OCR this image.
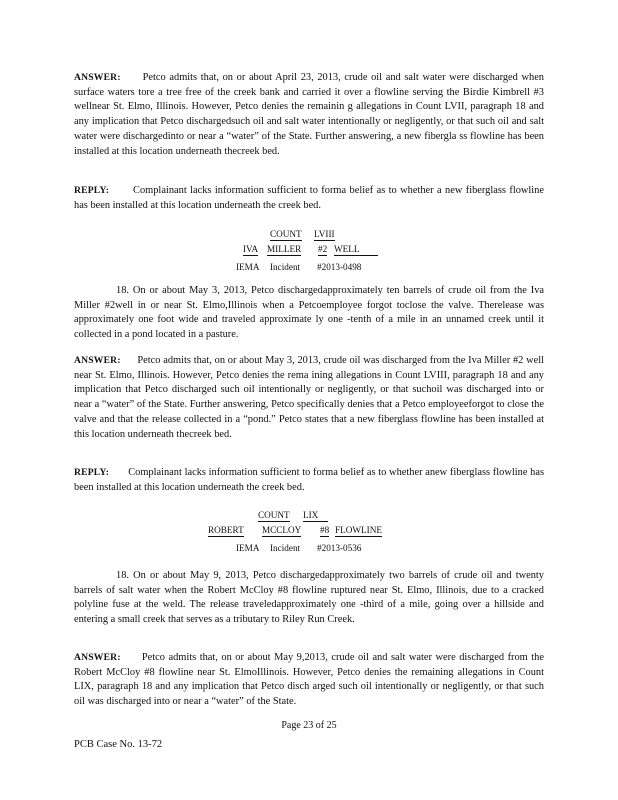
ANSWER: Petco admits that, on or about April 23, 2013, crude oil and salt water were discharged when surface waters tore a tree free of the creek bank and carried it over a flowline serving the Birdie Kimbrell #3 wellnear St. Elmo, Illinois. However, Petco denies the remainin g allegations in Count LVII, paragraph 18 and any implication that Petco dischargedsuch oil and salt water intentionally or negligently, or that such oil and salt water were dischargedinto or near a “water” of the State. Further answering, a new fibergla ss flowline has been installed at this location underneath thecreek bed.
REPLY: Complainant lacks information sufficient to forma belief as to whether a new fiberglass flowline has been installed at this location underneath the creek bed.
COUNT LVIII
IVA MILLER #2 WELL
IEMA Incident #2013-0498
18. On or about May 3, 2013, Petco dischargedapproximately ten barrels of crude oil from the Iva Miller #2well in or near St. Elmo,Illinois when a Petcoemployee forgot toclose the valve. Therelease was approximately one foot wide and traveled approximate ly one -tenth of a mile in an unnamed creek until it collected in a pond located in a pasture.
ANSWER: Petco admits that, on or about May 3, 2013, crude oil was discharged from the Iva Miller #2 well near St. Elmo, Illinois. However, Petco denies the rema ining allegations in Count LVIII, paragraph 18 and any implication that Petco discharged such oil intentionally or negligently, or that suchoil was discharged into or near a “water” of the State. Further answering, Petco specifically denies that a Petco employeeforgot to close the valve and that the release collected in a “pond.” Petco states that a new fiberglass flowline has been installed at this location underneath thecreek bed.
REPLY: Complainant lacks information sufficient to forma belief as to whether anew fiberglass flowline has been installed at this location underneath the creek bed.
COUNT LIX
ROBERT MCCLOY #8 FLOWLINE
IEMA Incident #2013-0536
18. On or about May 9, 2013, Petco dischargedapproximately two barrels of crude oil and twenty barrels of salt water when the Robert McCloy #8 flowline ruptured near St. Elmo, Illinois, due to a cracked polyline fuse at the weld. The release traveledapproximately one -third of a mile, going over a hillside and entering a small creek that serves as a tributary to Riley Run Creek.
ANSWER: Petco admits that, on or about May 9,2013, crude oil and salt water were discharged from the Robert McCloy #8 flowline near St. ElmoIllinois. However, Petco denies the remaining allegations in Count LIX, paragraph 18 and any implication that Petco disch arged such oil intentionally or negligently, or that such oil was discharged into or near a “water” of the State.
Page 23 of 25
PCB Case No. 13-72
